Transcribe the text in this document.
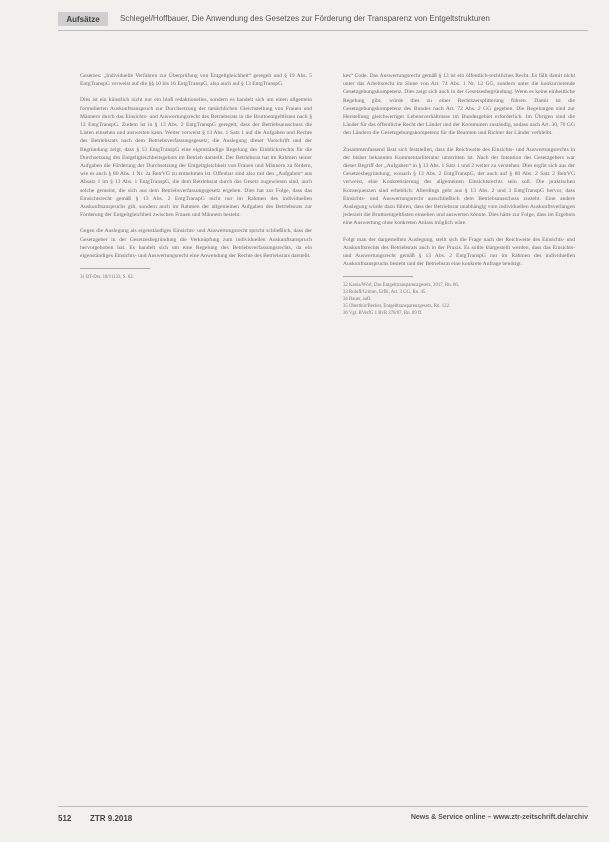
Aufsätze	Schlegel/Hoffbauer, Die Anwendung des Gesetzes zur Förderung der Transparenz von Entgeltstrukturen

Gesetzes: „Individuelle Verfahren zur Überprüfung von Entgeltgleichheit“ geregelt und § 19 Abs. 5 EntgTranspG verweist auf die §§ 10 bis 16 EntgTranspG, also auch auf § 13 EntgTranspG.

Dies ist ein künstlich nicht nur ein bloß redaktionelles, sondern es handelt sich um einen allgemein formulierten Auskunftsanspruch zur Durchsetzung der tatsächlichen Gleichstellung von Frauen und Männern durch das Einsichts- und Auswertungsrecht des Betriebsrats in die Bruttoentgeltlisten nach § 13 EntgTranspG. Zudem ist in § 13 Abs. 2 EntgTranspG geregelt, dass der Betriebsausschuss die Listen einsehen und auswerten kann. Weiter verweist § 13 Abs. 1 Satz 1 auf die Aufgaben und Rechte des Betriebsrats nach dem Betriebsverfassungsgesetz; die Auslegung dieser Vorschrift und der Begründung zeigt, dass § 13 EntgTranspG eine eigenständige Regelung des Einblicksrechts für die Durchsetzung des Entgeltgleichheitsgebots im Betrieb darstellt. Der Betriebsrat hat im Rahmen seiner Aufgaben die Förderung der Durchsetzung der Entgeltgleichheit von Frauen und Männern zu fördern, wie es auch § 80 Abs. 1 Nr. 2a BetrVG zu entnehmen ist. Offenbar sind also mit den „Aufgaben“ aus Absatz 1 im § 13 Abs. 1 EntgTranspG, die dem Betriebsrat durch das Gesetz zugewiesen sind, auch solche gemeint, die sich aus dem Betriebsverfassungsgesetz ergeben. Dies hat zur Folge, dass das Einsichtsrecht gemäß § 13 Abs. 2 EntgTranspG nicht nur im Rahmen des individuellen Auskunftsanspruchs gilt, sondern auch im Rahmen der allgemeinen Aufgaben des Betriebsrats zur Förderung der Entgeltgleichheit zwischen Frauen und Männern besteht.

Gegen die Auslegung als eigenständiges Einsichts- und Auswertungsrecht spricht schließlich, dass der Gesetzgeber in der Gesetzesbegründung die Verknüpfung zum individuellen Auskunftsanspruch hervorgehoben hat. Es handelt sich um eine Regelung des Betriebsverfassungsrechts, da ein eigenständiges Einsichts- und Auswertungsrecht eine Anwendung der Rechte des Betriebsrats darstellt.

31 BT-Drs. 18/11133, S. 62.

kes“ Code. Das Auswertungsrecht gemäß § 13 ist ein öffentlich-rechtliches Recht. Es fällt damit nicht unter das Arbeitsrecht im Sinne von Art. 74 Abs. 1 Nr. 12 GG, sondern unter die konkurrierende Gesetzgebungskompetenz. Dies zeigt sich auch in der Gesetzesbegründung. Wenn es keine einheitliche Regelung gibt, würde dies zu einer Rechtszersplitterung führen. Damit ist die Gesetzgebungskompetenz des Bundes nach Art. 72 Abs. 2 GG gegeben. Die Regelungen sind zur Herstellung gleichwertiger Lebensverhältnisse im Bundesgebiet erforderlich. Im Übrigen sind die Länder für das öffentliche Recht der Länder und der Kommunen zuständig, sodass nach Art. 30, 70 GG den Ländern die Gesetzgebungskompetenz für die Beamten und Richter der Länder verbleibt.

Zusammenfassend lässt sich feststellen, dass die Reichweite des Einsichts- und Auswertungsrechts in der bisher bekannten Kommentarliteratur umstritten ist. Nach der Intention des Gesetzgebers war dieser Begriff der „Aufgaben“ in § 13 Abs. 1 Satz 1 und 2 weiter zu verstehen. Dies ergibt sich aus der Gesetzesbegründung, wonach § 13 Abs. 2 EntgTranspG, der auch auf § 80 Abs. 2 Satz 2 BetrVG verweist, eine Konkretisierung des allgemeinen Einsichtsrechts sein soll. Die praktischen Konsequenzen sind erheblich: Allerdings geht aus § 13 Abs. 2 und 3 EntgTranspG hervor, dass Einsichts- und Auswertungsrecht ausschließlich dem Betriebsausschuss zusteht. Eine andere Auslegung würde dazu führen, dass der Betriebsrat unabhängig vom individuellen Auskunftsverlangen jederzeit die Bruttoentgeltlisten einsehen und auswerten könnte. Dies hätte zur Folge, dass im Ergebnis eine Auswertung ohne konkreten Anlass möglich wäre.

Folgt man der dargestellten Auslegung, stellt sich die Frage nach der Reichweite des Einsichts- und Auskunftsrechts des Betriebsrats auch in der Praxis. Es sollte klargestellt werden, dass das Einsichts- und Auswertungsrecht gemäß § 13 Abs. 2 EntgTranspG nur im Rahmen des individuellen Auskunftsanspruchs besteht und der Betriebsrat eine konkrete Anfrage benötigt.

32 Kania/Wörl, Das Entgelttransparenzgesetz, 2017, Rn. 66.

33 Roloff/Grimm, ErfK, Art. 3 GG, Rn. 45.

34 Bauer, aaO.

35 Oberthür/Becker, Entgelttransparenzgesetz, Rn. 122.

36 Vgl. BVerfG 1 BvR 370/07, Rn. 89 ff.

512 ZTR 9.2018	News & Service online – www.ztr-zeitschrift.de/archiv
